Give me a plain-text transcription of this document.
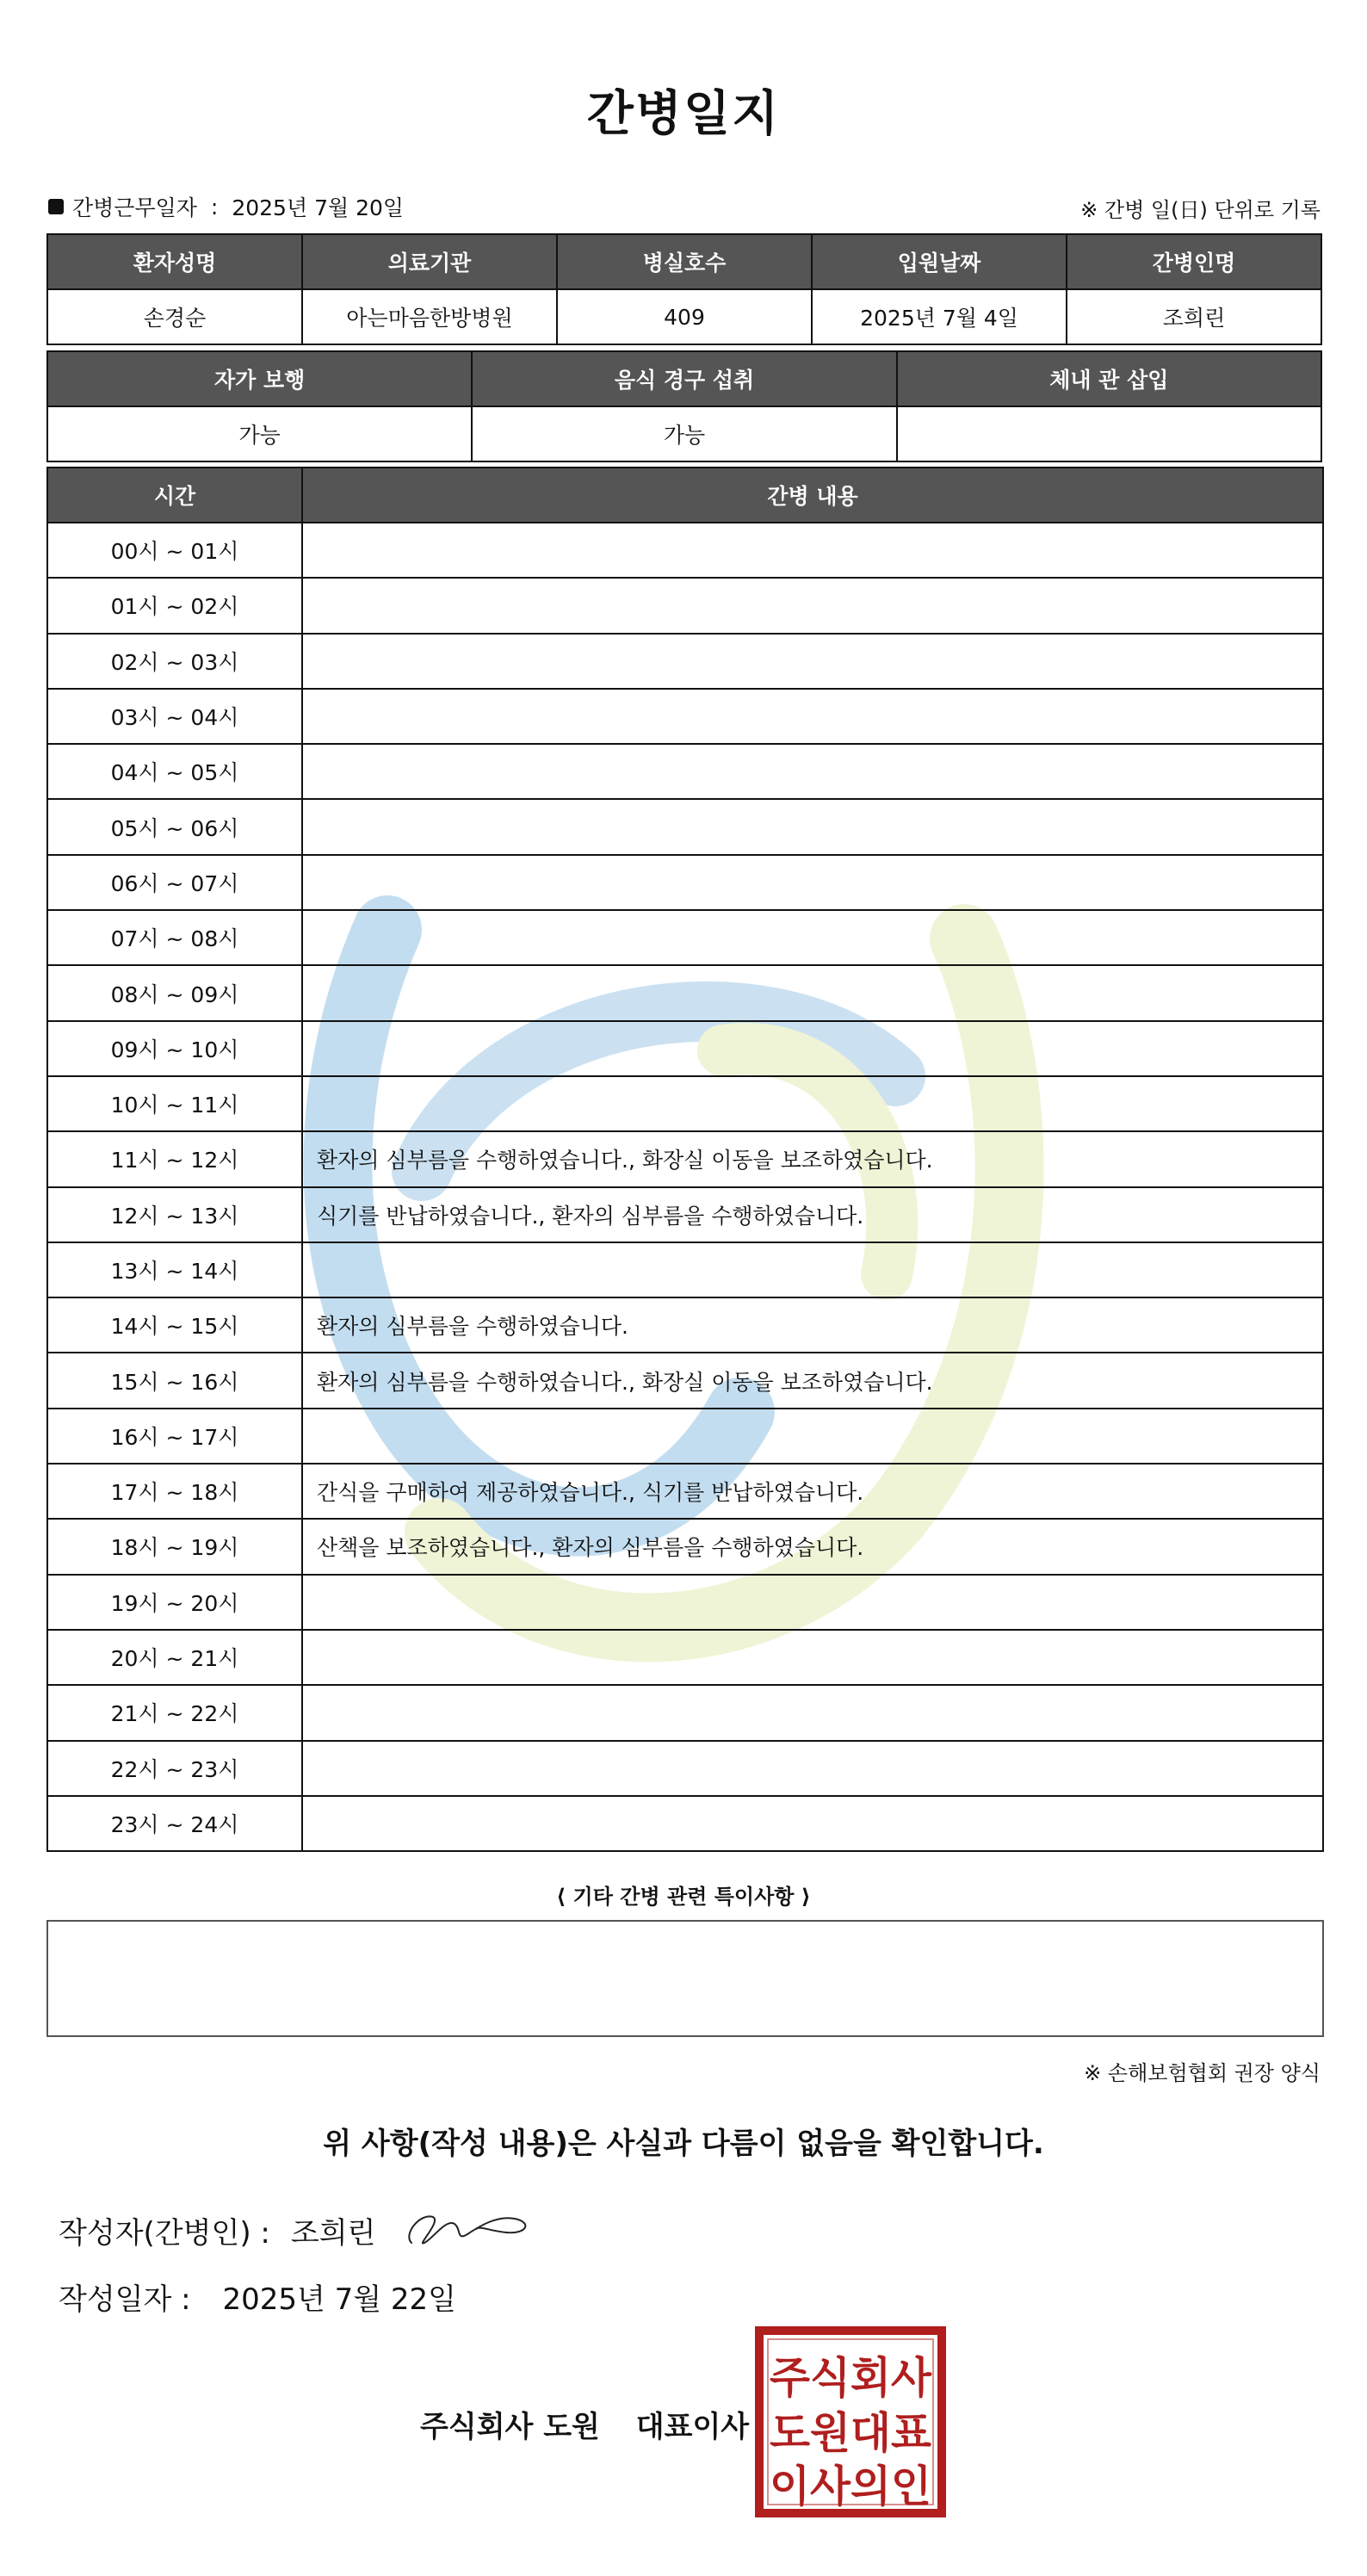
간병일지
간병근무일자 : 2025년 7월 20일	※ 간병 일(日) 단위로 기록
환자성명	의료기관	병실호수	입원날짜	간병인명
손경순	아는마음한방병원	409	2025년 7월 4일	조희린
자가 보행	음식 경구 섭취	체내 관 삽입
가능	가능	
시간	간병 내용
00시 ~ 01시	
01시 ~ 02시	
02시 ~ 03시	
03시 ~ 04시	
04시 ~ 05시	
05시 ~ 06시	
06시 ~ 07시	
07시 ~ 08시	
08시 ~ 09시	
09시 ~ 10시	
10시 ~ 11시	
11시 ~ 12시	환자의 심부름을 수행하였습니다., 화장실 이동을 보조하였습니다.
12시 ~ 13시	식기를 반납하였습니다., 환자의 심부름을 수행하였습니다.
13시 ~ 14시	
14시 ~ 15시	환자의 심부름을 수행하였습니다.
15시 ~ 16시	환자의 심부름을 수행하였습니다., 화장실 이동을 보조하였습니다.
16시 ~ 17시	
17시 ~ 18시	간식을 구매하여 제공하였습니다., 식기를 반납하였습니다.
18시 ~ 19시	산책을 보조하였습니다., 환자의 심부름을 수행하였습니다.
19시 ~ 20시	
20시 ~ 21시	
21시 ~ 22시	
22시 ~ 23시	
23시 ~ 24시	
⟨ 기타 간병 관련 특이사항 ⟩
※ 손해보험협회 권장 양식
위 사항(작성 내용)은 사실과 다름이 없음을 확인합니다.
작성자(간병인) : 조희린
작성일자 : 2025년 7월 22일
주식회사 도원 대표이사
주식회사
도원대표
이사의인
